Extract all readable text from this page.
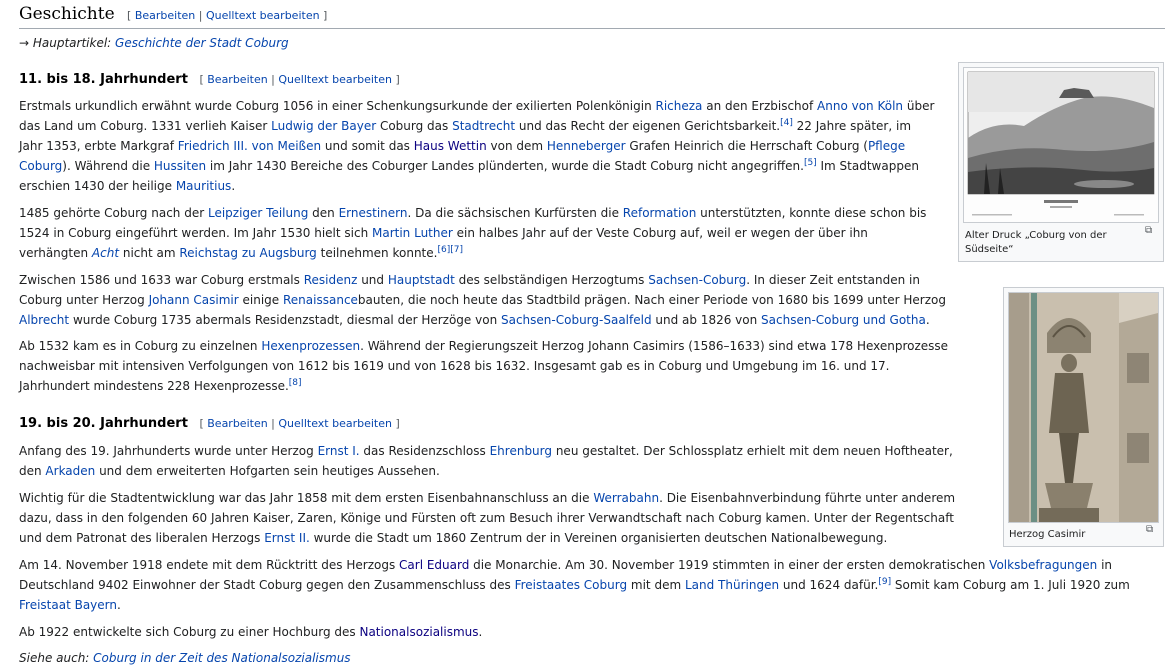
Geschichte   [ Bearbeiten | Quelltext bearbeiten ]
→ Hauptartikel: Geschichte der Stadt Coburg
11. bis 18. Jahrhundert   [ Bearbeiten | Quelltext bearbeiten ]

Erstmals urkundlich erwähnt wurde Coburg 1056 in einer Schenkungsurkunde der exilierten Polenkönigin Richeza an den Erzbischof Anno von Köln über das Land um Coburg. 1331 verlieh Kaiser Ludwig der Bayer Coburg das Stadtrecht und das Recht der eigenen Gerichtsbarkeit.[4] 22 Jahre später, im Jahr 1353, erbte Markgraf Friedrich III. von Meißen und somit das Haus Wettin von dem Henneberger Grafen Heinrich die Herrschaft Coburg (Pflege Coburg). Während die Hussiten im Jahr 1430 Bereiche des Coburger Landes plünderten, wurde die Stadt Coburg nicht angegriffen.[5] Im Stadtwappen erschien 1430 der heilige Mauritius.

1485 gehörte Coburg nach der Leipziger Teilung den Ernestinern. Da die sächsischen Kurfürsten die Reformation unterstützten, konnte diese schon bis 1524 in Coburg eingeführt werden. Im Jahr 1530 hielt sich Martin Luther ein halbes Jahr auf der Veste Coburg auf, weil er wegen der über ihn verhängten Acht nicht am Reichstag zu Augsburg teilnehmen konnte.[6][7]

Zwischen 1586 und 1633 war Coburg erstmals Residenz und Hauptstadt des selbständigen Herzogtums Sachsen-Coburg. In dieser Zeit entstanden in Coburg unter Herzog Johann Casimir einige Renaissancebauten, die noch heute das Stadtbild prägen. Nach einer Periode von 1680 bis 1699 unter Herzog Albrecht wurde Coburg 1735 abermals Residenzstadt, diesmal der Herzöge von Sachsen-Coburg-Saalfeld und ab 1826 von Sachsen-Coburg und Gotha.

Ab 1532 kam es in Coburg zu einzelnen Hexenprozessen. Während der Regierungszeit Herzog Johann Casimirs (1586–1633) sind etwa 178 Hexenprozesse nachweisbar mit intensiven Verfolgungen von 1612 bis 1619 und von 1628 bis 1632. Insgesamt gab es in Coburg und Umgebung im 16. und 17. Jahrhundert mindestens 228 Hexenprozesse.[8]

19. bis 20. Jahrhundert   [ Bearbeiten | Quelltext bearbeiten ]

Anfang des 19. Jahrhunderts wurde unter Herzog Ernst I. das Residenzschloss Ehrenburg neu gestaltet. Der Schlossplatz erhielt mit dem neuen Hoftheater, den Arkaden und dem erweiterten Hofgarten sein heutiges Aussehen.

Wichtig für die Stadtentwicklung war das Jahr 1858 mit dem ersten Eisenbahnanschluss an die Werrabahn. Die Eisenbahnverbindung führte unter anderem dazu, dass in den folgenden 60 Jahren Kaiser, Zaren, Könige und Fürsten oft zum Besuch ihrer Verwandtschaft nach Coburg kamen. Unter der Regentschaft und dem Patronat des liberalen Herzogs Ernst II. wurde die Stadt um 1860 Zentrum der in Vereinen organisierten deutschen Nationalbewegung.

Am 14. November 1918 endete mit dem Rücktritt des Herzogs Carl Eduard die Monarchie. Am 30. November 1919 stimmten in einer der ersten demokratischen Volksbefragungen in Deutschland 9402 Einwohner der Stadt Coburg gegen den Zusammenschluss des Freistaates Coburg mit dem Land Thüringen und 1624 dafür.[9] Somit kam Coburg am 1. Juli 1920 zum Freistaat Bayern.

Ab 1922 entwickelte sich Coburg zu einer Hochburg des Nationalsozialismus.

Siehe auch: Coburg in der Zeit des Nationalsozialismus
Alter Druck „Coburg von der Südseite“
⧉
Herzog Casimir	⧉
